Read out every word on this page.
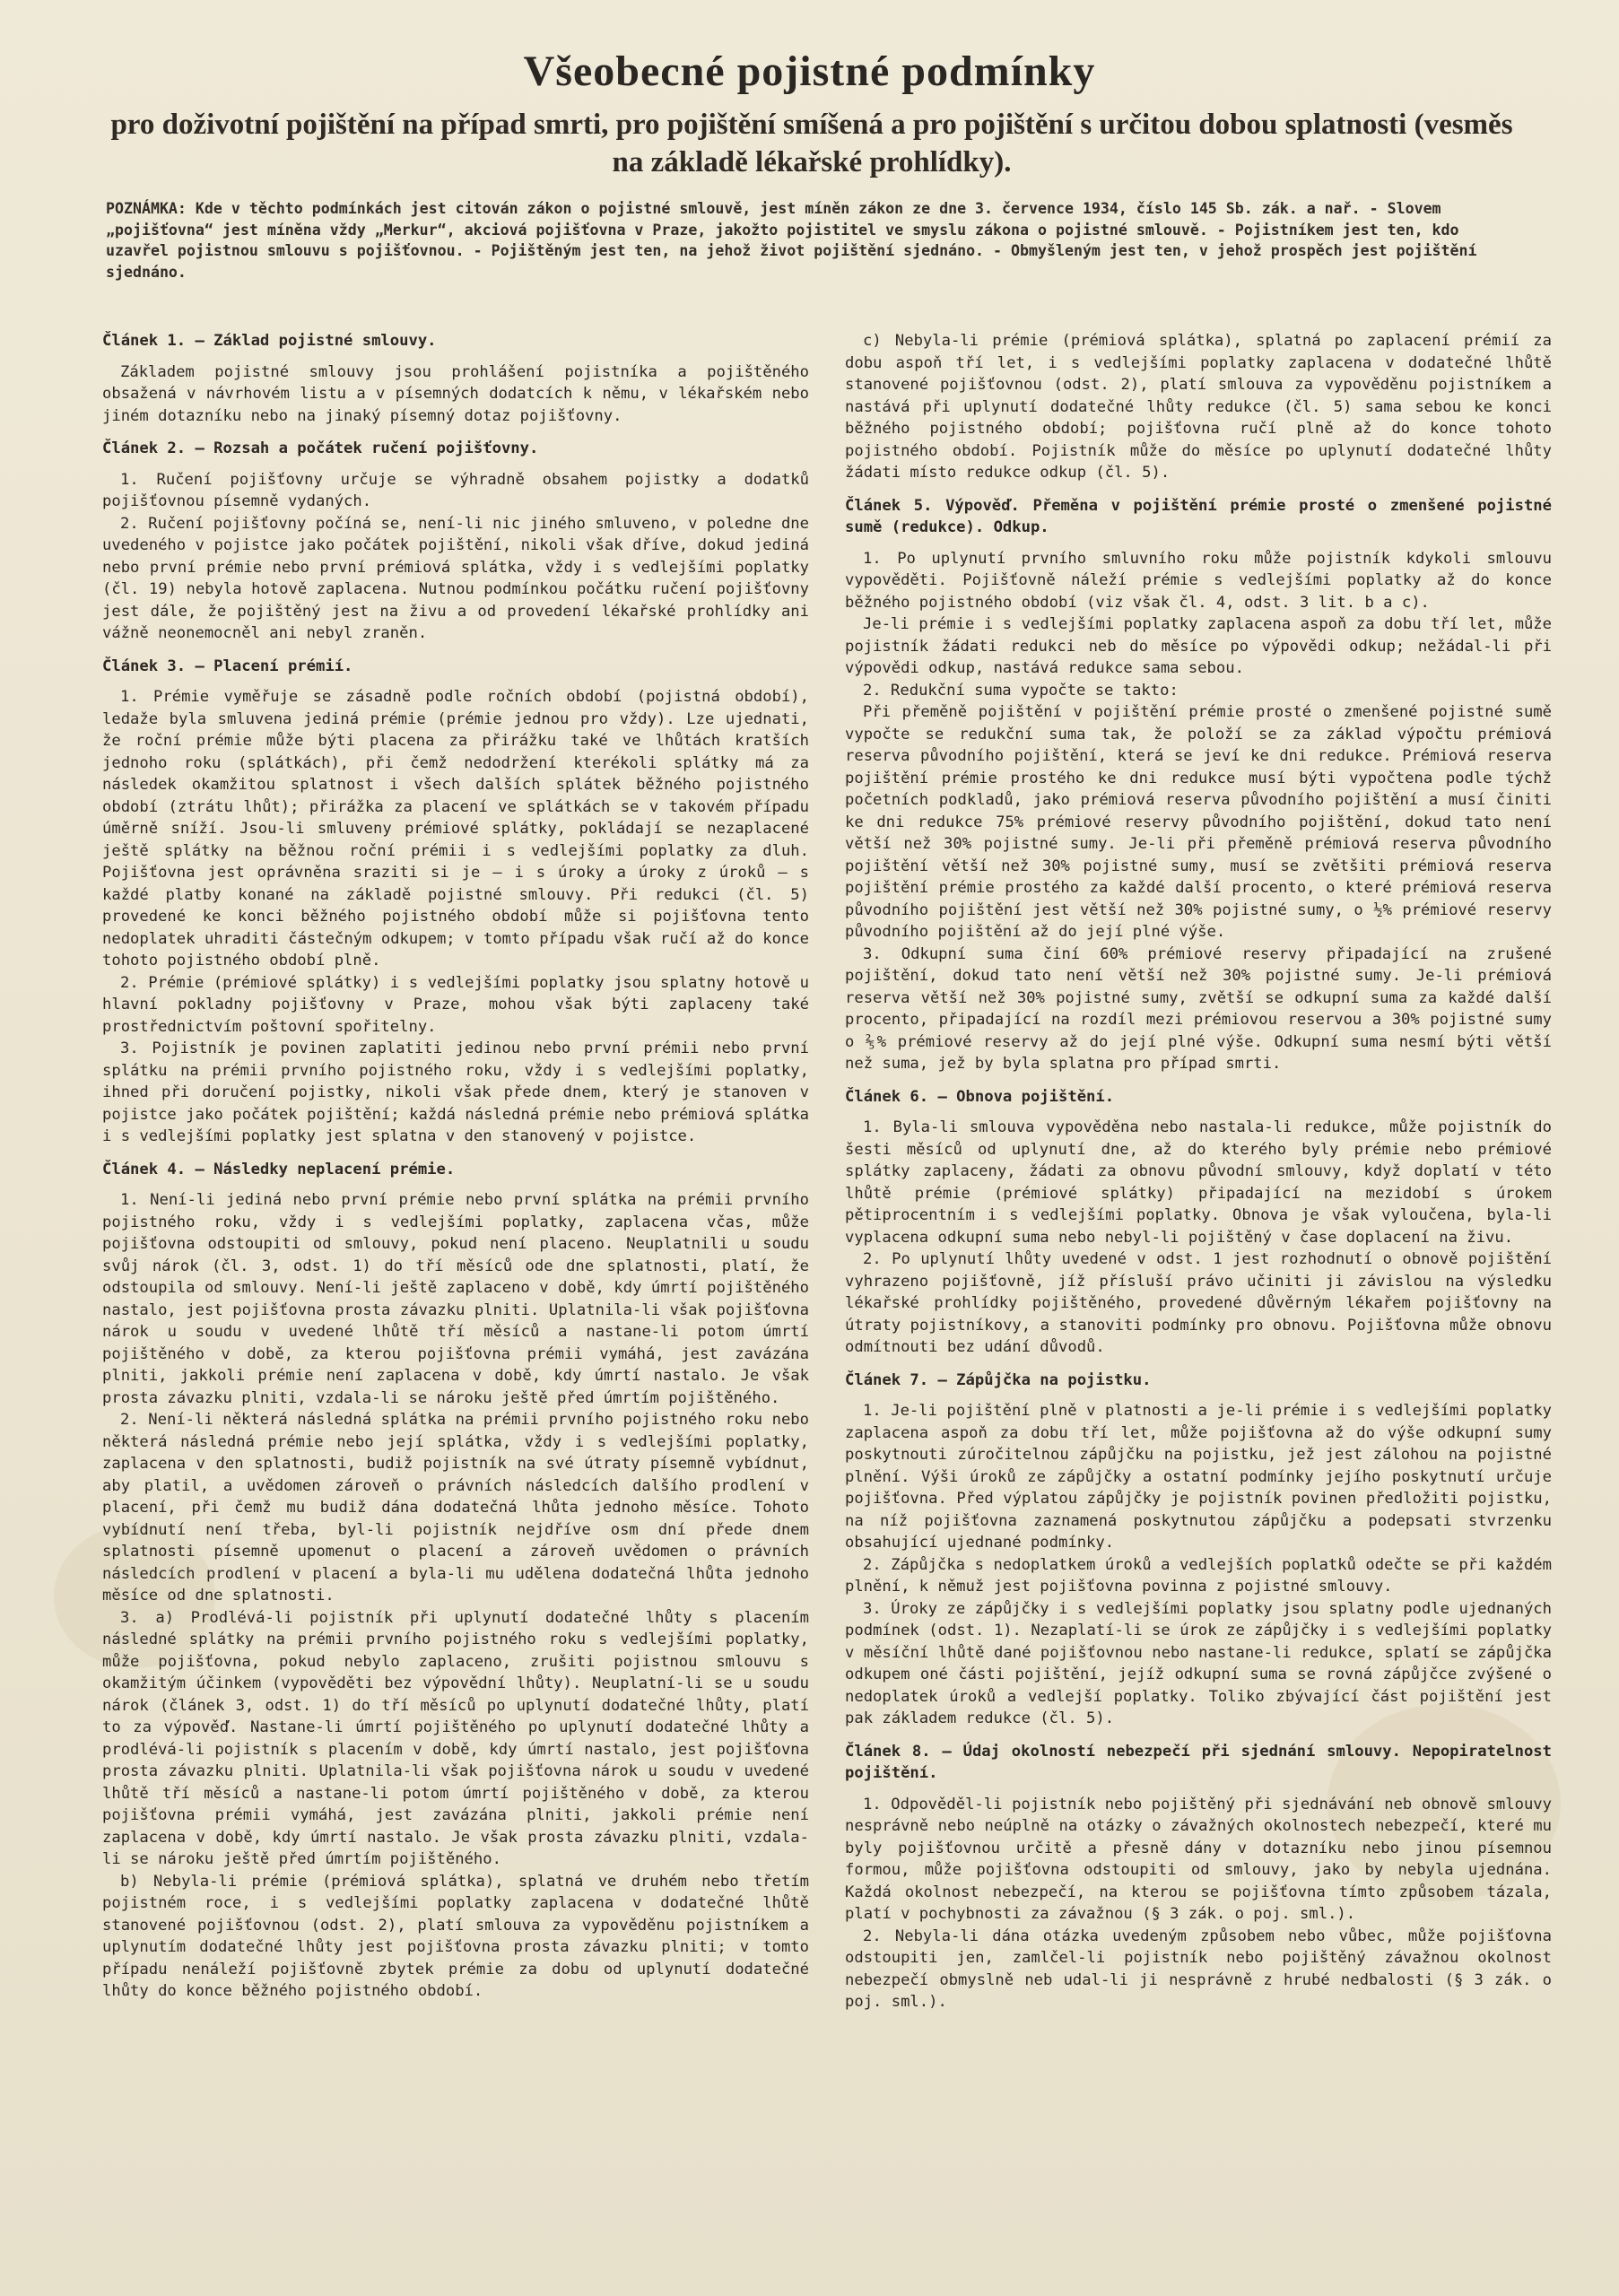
Všeobecné pojistné podmínky
pro doživotní pojištění na případ smrti, pro pojištění smíšená a pro pojištění s určitou dobou splatnosti (vesměs na základě lékařské prohlídky).

POZNÁMKA: Kde v těchto podmínkách jest citován zákon o pojistné smlouvě, jest míněn zákon ze dne 3. července 1934, číslo 145 Sb. zák. a nař. - Slovem „pojišťovna“ jest míněna vždy „Merkur“, akciová pojišťovna v Praze, jakožto pojistitel ve smyslu zákona o pojistné smlouvě. - Pojistníkem jest ten, kdo uzavřel pojistnou smlouvu s pojišťovnou. - Pojištěným jest ten, na jehož život pojištění sjednáno. - Obmyšleným jest ten, v jehož prospěch jest pojištění sjednáno.

Článek 1. — Základ pojistné smlouvy.

Základem pojistné smlouvy jsou prohlášení pojistníka a pojištěného obsažená v návrhovém listu a v písemných dodatcích k němu, v lékařském nebo jiném dotazníku nebo na jinaký písemný dotaz pojišťovny.

Článek 2. — Rozsah a počátek ručení pojišťovny.

1. Ručení pojišťovny určuje se výhradně obsahem pojistky a dodatků pojišťovnou písemně vydaných.

2. Ručení pojišťovny počíná se, není-li nic jiného smluveno, v poledne dne uvedeného v pojistce jako počátek pojištění, nikoli však dříve, dokud jediná nebo první prémie nebo první prémiová splátka, vždy i s vedlejšími poplatky (čl. 19) nebyla hotově zaplacena. Nutnou podmínkou počátku ručení pojišťovny jest dále, že pojištěný jest na živu a od provedení lékařské prohlídky ani vážně neonemocněl ani nebyl zraněn.

Článek 3. — Placení prémií.

1. Prémie vyměřuje se zásadně podle ročních období (pojistná období), ledaže byla smluvena jediná prémie (prémie jednou pro vždy). Lze ujednati, že roční prémie může býti placena za přirážku také ve lhůtách kratších jednoho roku (splátkách), při čemž nedodržení kterékoli splátky má za následek okamžitou splatnost i všech dalších splátek běžného pojistného období (ztrátu lhůt); přirážka za placení ve splátkách se v takovém případu úměrně sníží. Jsou-li smluveny prémiové splátky, pokládají se nezaplacené ještě splátky na běžnou roční prémii i s vedlejšími poplatky za dluh. Pojišťovna jest oprávněna sraziti si je — i s úroky a úroky z úroků — s každé platby konané na základě pojistné smlouvy. Při redukci (čl. 5) provedené ke konci běžného pojistného období může si pojišťovna tento nedoplatek uhraditi částečným odkupem; v tomto případu však ručí až do konce tohoto pojistného období plně.

2. Prémie (prémiové splátky) i s vedlejšími poplatky jsou splatny hotově u hlavní pokladny pojišťovny v Praze, mohou však býti zaplaceny také prostřednictvím poštovní spořitelny.

3. Pojistník je povinen zaplatiti jedinou nebo první prémii nebo první splátku na prémii prvního pojistného roku, vždy i s vedlejšími poplatky, ihned při doručení pojistky, nikoli však přede dnem, který je stanoven v pojistce jako počátek pojištění; každá následná prémie nebo prémiová splátka i s vedlejšími poplatky jest splatna v den stanovený v pojistce.

Článek 4. — Následky neplacení prémie.

1. Není-li jediná nebo první prémie nebo první splátka na prémii prvního pojistného roku, vždy i s vedlejšími poplatky, zaplacena včas, může pojišťovna odstoupiti od smlouvy, pokud není placeno. Neuplatnili u soudu svůj nárok (čl. 3, odst. 1) do tří měsíců ode dne splatnosti, platí, že odstoupila od smlouvy. Není-li ještě zaplaceno v době, kdy úmrtí pojištěného nastalo, jest pojišťovna prosta závazku plniti. Uplatnila-li však pojišťovna nárok u soudu v uvedené lhůtě tří měsíců a nastane-li potom úmrtí pojištěného v době, za kterou pojišťovna prémii vymáhá, jest zavázána plniti, jakkoli prémie není zaplacena v době, kdy úmrtí nastalo. Je však prosta závazku plniti, vzdala-li se nároku ještě před úmrtím pojištěného.

2. Není-li některá následná splátka na prémii prvního pojistného roku nebo některá následná prémie nebo její splátka, vždy i s vedlejšími poplatky, zaplacena v den splatnosti, budiž pojistník na své útraty písemně vybídnut, aby platil, a uvědomen zároveň o právních následcích dalšího prodlení v placení, při čemž mu budiž dána dodatečná lhůta jednoho měsíce. Tohoto vybídnutí není třeba, byl-li pojistník nejdříve osm dní přede dnem splatnosti písemně upomenut o placení a zároveň uvědomen o právních následcích prodlení v placení a byla-li mu udělena dodatečná lhůta jednoho měsíce od dne splatnosti.

3. a) Prodlévá-li pojistník při uplynutí dodatečné lhůty s placením následné splátky na prémii prvního pojistného roku s vedlejšími poplatky, může pojišťovna, pokud nebylo zaplaceno, zrušiti pojistnou smlouvu s okamžitým účinkem (vypověděti bez výpovědní lhůty). Neuplatní-li se u soudu nárok (článek 3, odst. 1) do tří měsíců po uplynutí dodatečné lhůty, platí to za výpověď. Nastane-li úmrtí pojištěného po uplynutí dodatečné lhůty a prodlévá-li pojistník s placením v době, kdy úmrtí nastalo, jest pojišťovna prosta závazku plniti. Uplatnila-li však pojišťovna nárok u soudu v uvedené lhůtě tří měsíců a nastane-li potom úmrtí pojištěného v době, za kterou pojišťovna prémii vymáhá, jest zavázána plniti, jakkoli prémie není zaplacena v době, kdy úmrtí nastalo. Je však prosta závazku plniti, vzdala-li se nároku ještě před úmrtím pojištěného.

b) Nebyla-li prémie (prémiová splátka), splatná ve druhém nebo třetím pojistném roce, i s vedlejšími poplatky zaplacena v dodatečné lhůtě stanovené pojišťovnou (odst. 2), platí smlouva za vypověděnu pojistníkem a uplynutím dodatečné lhůty jest pojišťovna prosta závazku plniti; v tomto případu nenáleží pojišťovně zbytek prémie za dobu od uplynutí dodatečné lhůty do konce běžného pojistného období.

c) Nebyla-li prémie (prémiová splátka), splatná po zaplacení prémií za dobu aspoň tří let, i s vedlejšími poplatky zaplacena v dodatečné lhůtě stanovené pojišťovnou (odst. 2), platí smlouva za vypověděnu pojistníkem a nastává při uplynutí dodatečné lhůty redukce (čl. 5) sama sebou ke konci běžného pojistného období; pojišťovna ručí plně až do konce tohoto pojistného období. Pojistník může do měsíce po uplynutí dodatečné lhůty žádati místo redukce odkup (čl. 5).

Článek 5. Výpověď. Přeměna v pojištění prémie prosté o zmenšené pojistné sumě (redukce). Odkup.

1. Po uplynutí prvního smluvního roku může pojistník kdykoli smlouvu vypověděti. Pojišťovně náleží prémie s vedlejšími poplatky až do konce běžného pojistného období (viz však čl. 4, odst. 3 lit. b a c).

Je-li prémie i s vedlejšími poplatky zaplacena aspoň za dobu tří let, může pojistník žádati redukci neb do měsíce po výpovědi odkup; nežádal-li při výpovědi odkup, nastává redukce sama sebou.

2. Redukční suma vypočte se takto:

Při přeměně pojištění v pojištění prémie prosté o zmenšené pojistné sumě vypočte se redukční suma tak, že položí se za základ výpočtu prémiová reserva původního pojištění, která se jeví ke dni redukce. Prémiová reserva pojištění prémie prostého ke dni redukce musí býti vypočtena podle týchž početních podkladů, jako prémiová reserva původního pojištění a musí činiti ke dni redukce 75% prémiové reservy původního pojištění, dokud tato není větší než 30% pojistné sumy. Je-li při přeměně prémiová reserva původního pojištění větší než 30% pojistné sumy, musí se zvětšiti prémiová reserva pojištění prémie prostého za každé další procento, o které prémiová reserva původního pojištění jest větší než 30% pojistné sumy, o ½% prémiové reservy původního pojištění až do její plné výše.

3. Odkupní suma činí 60% prémiové reservy připadající na zrušené pojištění, dokud tato není větší než 30% pojistné sumy. Je-li prémiová reserva větší než 30% pojistné sumy, zvětší se odkupní suma za každé další procento, připadající na rozdíl mezi prémiovou reservou a 30% pojistné sumy o ⅖% prémiové reservy až do její plné výše. Odkupní suma nesmí býti větší než suma, jež by byla splatna pro případ smrti.

Článek 6. — Obnova pojištění.

1. Byla-li smlouva vypověděna nebo nastala-li redukce, může pojistník do šesti měsíců od uplynutí dne, až do kterého byly prémie nebo prémiové splátky zaplaceny, žádati za obnovu původní smlouvy, když doplatí v této lhůtě prémie (prémiové splátky) připadající na mezidobí s úrokem pětiprocentním i s vedlejšími poplatky. Obnova je však vyloučena, byla-li vyplacena odkupní suma nebo nebyl-li pojištěný v čase doplacení na živu.

2. Po uplynutí lhůty uvedené v odst. 1 jest rozhodnutí o obnově pojištění vyhrazeno pojišťovně, jíž přísluší právo učiniti ji závislou na výsledku lékařské prohlídky pojištěného, provedené důvěrným lékařem pojišťovny na útraty pojistníkovy, a stanoviti podmínky pro obnovu. Pojišťovna může obnovu odmítnouti bez udání důvodů.

Článek 7. — Zápůjčka na pojistku.

1. Je-li pojištění plně v platnosti a je-li prémie i s vedlejšími poplatky zaplacena aspoň za dobu tří let, může pojišťovna až do výše odkupní sumy poskytnouti zúročitelnou zápůjčku na pojistku, jež jest zálohou na pojistné plnění. Výši úroků ze zápůjčky a ostatní podmínky jejího poskytnutí určuje pojišťovna. Před výplatou zápůjčky je pojistník povinen předložiti pojistku, na níž pojišťovna zaznamená poskytnutou zápůjčku a podepsati stvrzenku obsahující ujednané podmínky.

2. Zápůjčka s nedoplatkem úroků a vedlejších poplatků odečte se při každém plnění, k němuž jest pojišťovna povinna z pojistné smlouvy.

3. Úroky ze zápůjčky i s vedlejšími poplatky jsou splatny podle ujednaných podmínek (odst. 1). Nezaplatí-li se úrok ze zápůjčky i s vedlejšími poplatky v měsíční lhůtě dané pojišťovnou nebo nastane-li redukce, splatí se zápůjčka odkupem oné části pojištění, jejíž odkupní suma se rovná zápůjčce zvýšené o nedoplatek úroků a vedlejší poplatky. Toliko zbývající část pojištění jest pak základem redukce (čl. 5).

Článek 8. — Údaj okolností nebezpečí při sjednání smlouvy. Nepopiratelnost pojištění.

1. Odpověděl-li pojistník nebo pojištěný při sjednávání neb obnově smlouvy nesprávně nebo neúplně na otázky o závažných okolnostech nebezpečí, které mu byly pojišťovnou určitě a přesně dány v dotazníku nebo jinou písemnou formou, může pojišťovna odstoupiti od smlouvy, jako by nebyla ujednána. Každá okolnost nebezpečí, na kterou se pojišťovna tímto způsobem tázala, platí v pochybnosti za závažnou (§ 3 zák. o poj. sml.).

2. Nebyla-li dána otázka uvedeným způsobem nebo vůbec, může pojišťovna odstoupiti jen, zamlčel-li pojistník nebo pojištěný závažnou okolnost nebezpečí obmyslně neb udal-li ji nesprávně z hrubé nedbalosti (§ 3 zák. o poj. sml.).
